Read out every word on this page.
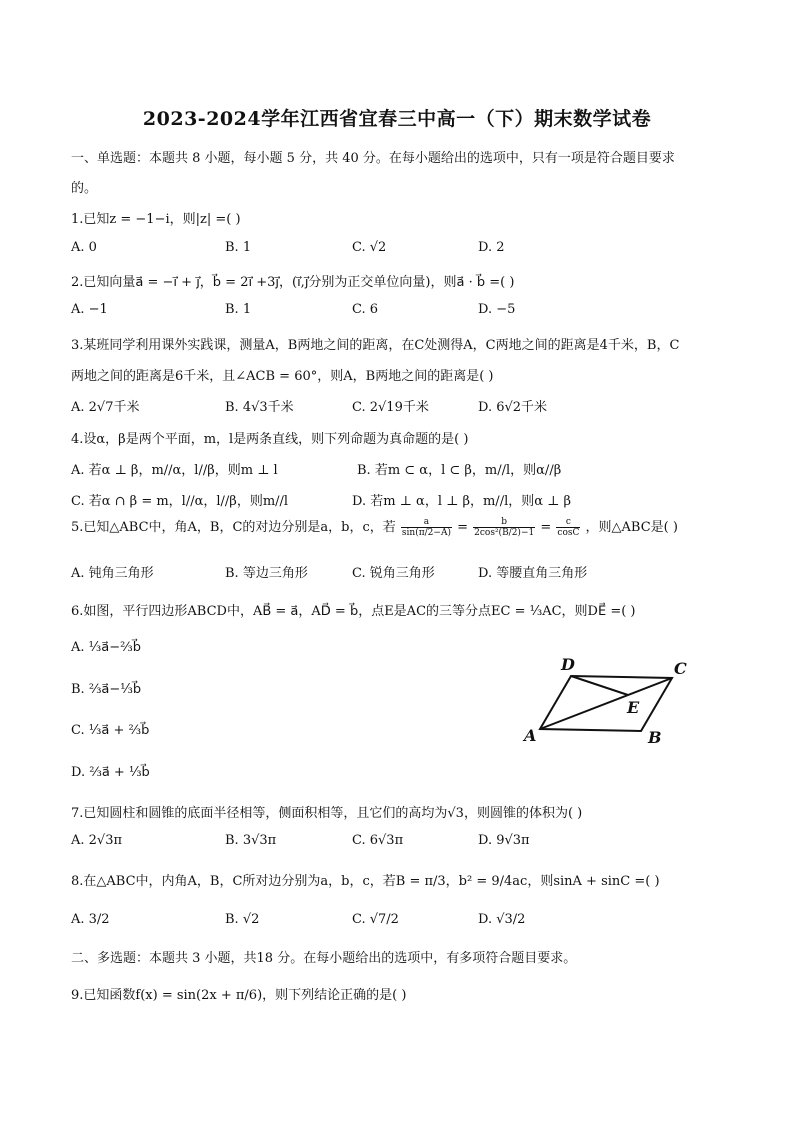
2023-2024学年江西省宜春三中高一（下）期末数学试卷
一、单选题：本题共 8 小题，每小题 5 分，共 40 分。在每小题给出的选项中，只有一项是符合题目要求
的。
1.已知z = −1−i，则|z| =( )
A. 0	B. 1	C. √2	D. 2
2.已知向量a⃗ = −i⃗ + j⃗，b⃗ = 2i⃗ +3j⃗，(i⃗,j⃗分别为正交单位向量)，则a⃗ · b⃗ =( )
A. −1	B. 1	C. 6	D. −5
3.某班同学利用课外实践课，测量A，B两地之间的距离，在C处测得A，C两地之间的距离是4千米，B，C
两地之间的距离是6千米，且∠ACB = 60°，则A，B两地之间的距离是( )
A. 2√7千米	B. 4√3千米	C. 2√19千米	D. 6√2千米
4.设α，β是两个平面，m，l是两条直线，则下列命题为真命题的是( )
A. 若α ⊥ β，m//α，l//β，则m ⊥ l	B. 若m ⊂ α，l ⊂ β，m//l，则α//β
C. 若α ∩ β = m，l//α，l//β，则m//l	D. 若m ⊥ α，l ⊥ β，m//l，则α ⊥ β
5.已知△ABC中，角A，B，C的对边分别是a，b，c，若 $\frac{a}{\sin(\pi/2-A)} = \frac{b}{\text{2cos²(B/2)−1}} = \frac{c}{\cos C}$ ，则△ABC是( )
A. 钝角三角形	B. 等边三角形	C. 锐角三角形	D. 等腰直角三角形
6.如图，平行四边形ABCD中，AB⃗ = a⃗，AD⃗ = b⃗，点E是AC的三等分点EC = ⅓AC，则DE⃗ =( )
A. ⅓a⃗−⅔b⃗
B. ⅔a⃗−⅓b⃗
C. ⅓a⃗ + ⅔b⃗
D. ⅔a⃗ + ⅓b⃗
D	C
E
A	B
7.已知圆柱和圆锥的底面半径相等，侧面积相等，且它们的高均为√3，则圆锥的体积为( )
A. 2√3π	B. 3√3π	C. 6√3π	D. 9√3π
8.在△ABC中，内角A，B，C所对边分别为a，b，c，若B = π/3，b² = 9/4ac，则sinA + sinC =( )
A. 3/2	B. √2	C. √7/2	D. √3/2
二、多选题：本题共 3 小题，共18 分。在每小题给出的选项中，有多项符合题目要求。
9.已知函数f(x) = sin(2x + π/6)，则下列结论正确的是( )
